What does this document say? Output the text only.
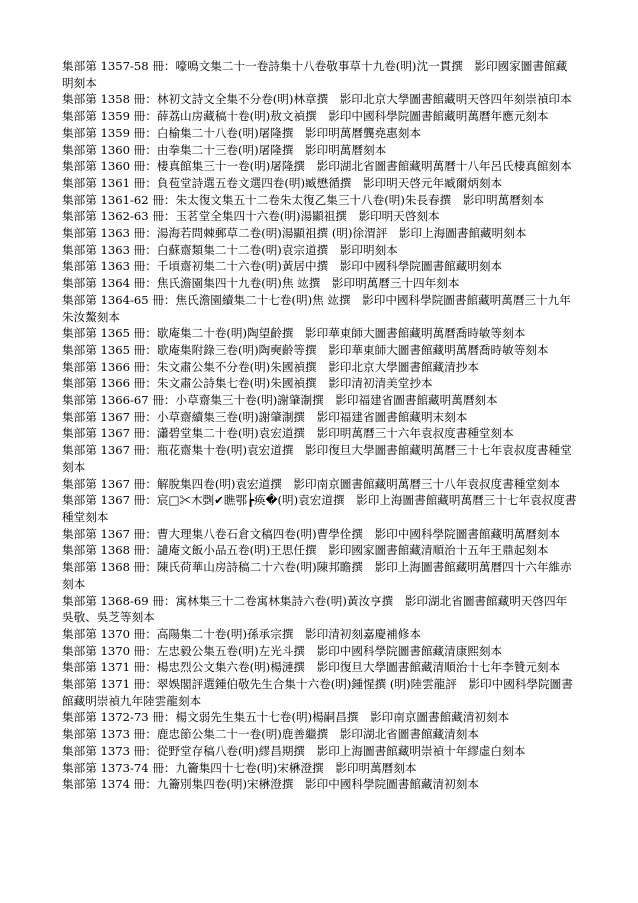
集部第 1357-58 冊：嚎鳴文集二十一卷詩集十八卷敬事草十九卷(明)沈一貫撰　影印國家圖書館藏明刻本

集部第 1358 冊：林初文詩文全集不分卷(明)林章撰　影印北京大學圖書館藏明天啓四年刻崇禎印本

集部第 1359 冊：薛荔山房藏稿十卷(明)敖文禎撰　影印中國科學院圖書館藏明萬曆年應元刻本

集部第 1359 冊：白榆集二十八卷(明)屠隆撰　影印明萬曆龔堯惠刻本

集部第 1360 冊：由拳集二十三卷(明)屠隆撰　影印明萬曆刻本

集部第 1360 冊：棲真館集三十一卷(明)屠隆撰　影印湖北省圖書館藏明萬曆十八年呂氏棲真館刻本

集部第 1361 冊：負苞堂詩選五卷文選四卷(明)臧懋循撰　影印明天啓元年臧爾炳刻本

集部第 1361-62 冊：朱太復文集五十二卷朱太復乙集三十八卷(明)朱長春撰　影印明萬曆刻本

集部第 1362-63 冊：玉茗堂全集四十六卷(明)湯顯祖撰　影印明天啓刻本

集部第 1363 冊：湯海若問棘郵草二卷(明)湯顯祖撰 (明)徐渭評　影印上海圖書館藏明刻本

集部第 1363 冊：白蘇齋類集二十二卷(明)袁宗道撰　影印明刻本

集部第 1363 冊：千頃齋初集二十六卷(明)黃居中撰　影印中國科學院圖書館藏明刻本

集部第 1364 冊：焦氏澹園集四十九卷(明)焦 竑撰　影印明萬曆三十四年刻本

集部第 1364-65 冊：焦氏澹園續集二十七卷(明)焦 竑撰　影印中國科學院圖書館藏明萬曆三十九年朱汝鰲刻本

集部第 1365 冊：歇庵集二十卷(明)陶望齡撰　影印華東師大圖書館藏明萬曆喬時敏等刻本

集部第 1365 冊：歇庵集附錄三卷(明)陶奭齡等撰　影印華東師大圖書館藏明萬曆喬時敏等刻本

集部第 1366 冊：朱文肅公集不分卷(明)朱國禎撰　影印北京大學圖書館藏清抄本

集部第 1366 冊：朱文肅公詩集七卷(明)朱國禎撰　影印清初清美堂抄本

集部第 1366-67 冊：小草齋集三十卷(明)謝肇淛撰　影印福建省圖書館藏明萬曆刻本

集部第 1367 冊：小草齋續集三卷(明)謝肇淛撰　影印福建省圖書館藏明末刻本

集部第 1367 冊：瀟碧堂集二十卷(明)袁宏道撰　影印明萬曆三十六年袁叔度書種堂刻本

集部第 1367 冊：瓶花齋集十卷(明)袁宏道撰　影印復旦大學圖書館藏明萬曆三十七年袁叔度書種堂刻本

集部第 1367 冊：解脫集四卷(明)袁宏道撰　影印南京圖書館藏明萬曆三十八年袁叔度書種堂刻本

集部第 1367 冊：宸□✂木㓸✔瞧鄂┢痪�(明)袁宏道撰　影印上海圖書館藏明萬曆三十七年袁叔度書種堂刻本

集部第 1367 冊：曹大理集八卷石倉文稿四卷(明)曹學佺撰　影印中國科學院圖書館藏明萬曆刻本

集部第 1368 冊：譴庵文飯小品五卷(明)王思任撰　影印國家圖書館藏清順治十五年王鼎起刻本

集部第 1368 冊：陳氏荷華山房詩稿二十六卷(明)陳邦瞻撰　影印上海圖書館藏明萬曆四十六年維赤刻本

集部第 1368-69 冊：寓林集三十二卷寓林集詩六卷(明)黃汝亨撰　影印湖北省圖書館藏明天啓四年吳敬、吳芝等刻本

集部第 1370 冊：高陽集二十卷(明)孫承宗撰　影印清初刻嘉慶補修本

集部第 1370 冊：左忠毅公集五卷(明)左光斗撰　影印中國科學院圖書館藏清康熙刻本

集部第 1371 冊：楊忠烈公文集六卷(明)楊漣撰　影印復旦大學圖書館藏清順治十七年李贊元刻本

集部第 1371 冊：翠娛閣評選鍾伯敬先生合集十六卷(明)鍾惺撰 (明)陸雲龍評　影印中國科學院圖書館藏明崇禎九年陸雲龍刻本

集部第 1372-73 冊：楊文弱先生集五十七卷(明)楊嗣昌撰　影印南京圖書館藏清初刻本

集部第 1373 冊：鹿忠節公集二十一卷(明)鹿善繼撰　影印湖北省圖書館藏清刻本

集部第 1373 冊：從野堂存稿八卷(明)繆昌期撰　影印上海圖書館藏明崇禎十年繆虛白刻本

集部第 1373-74 冊：九籥集四十七卷(明)宋楙澄撰　影印明萬曆刻本

集部第 1374 冊：九籥別集四卷(明)宋楙澄撰　影印中國科學院圖書館藏清初刻本
